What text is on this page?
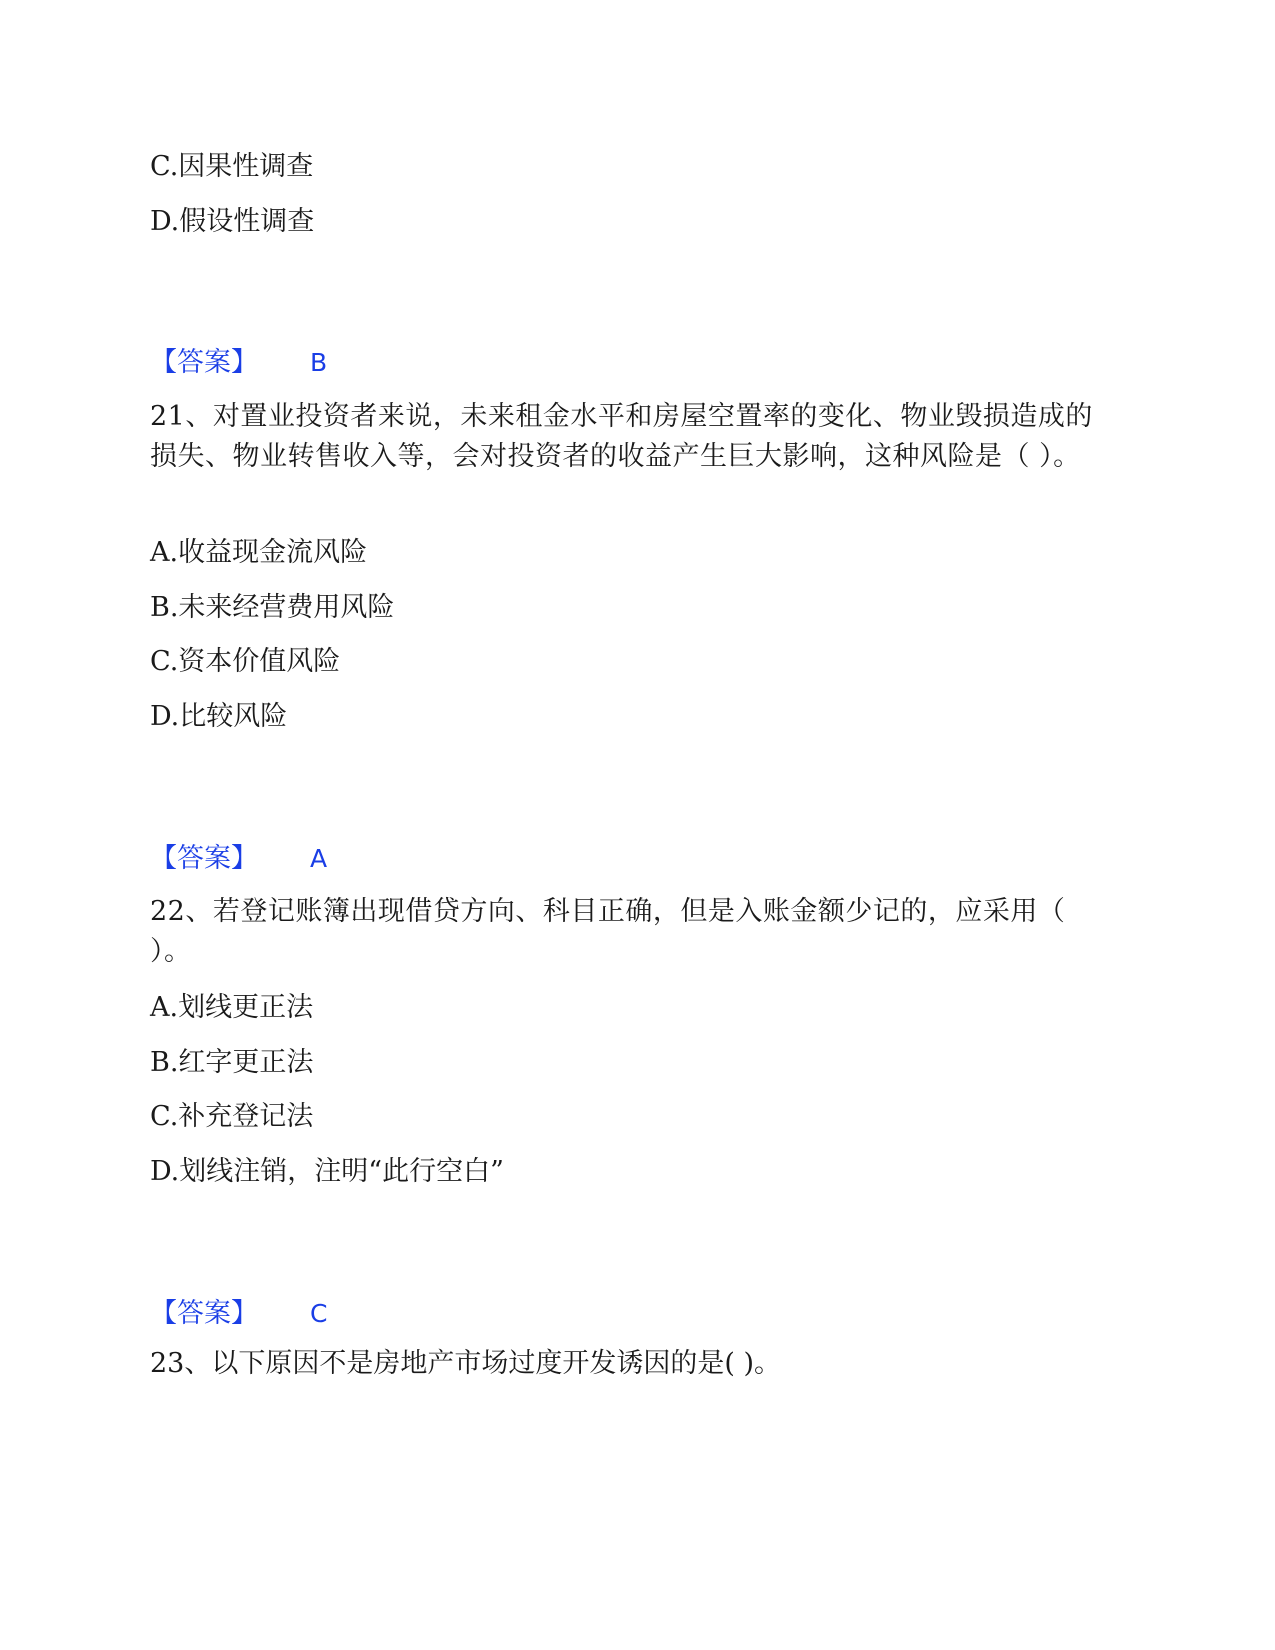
C.因果性调查
D.假设性调查
【答案】 B
21、对置业投资者来说，未来租金水平和房屋空置率的变化、物业毁损造成的损失、物业转售收入等，会对投资者的收益产生巨大影响，这种风险是（ ）。
A.收益现金流风险
B.未来经营费用风险
C.资本价值风险
D.比较风险
【答案】 A
22、若登记账簿出现借贷方向、科目正确，但是入账金额少记的，应采用（ ）。
A.划线更正法
B.红字更正法
C.补充登记法
D.划线注销，注明“此行空白”
【答案】 C
23、以下原因不是房地产市场过度开发诱因的是( )。
